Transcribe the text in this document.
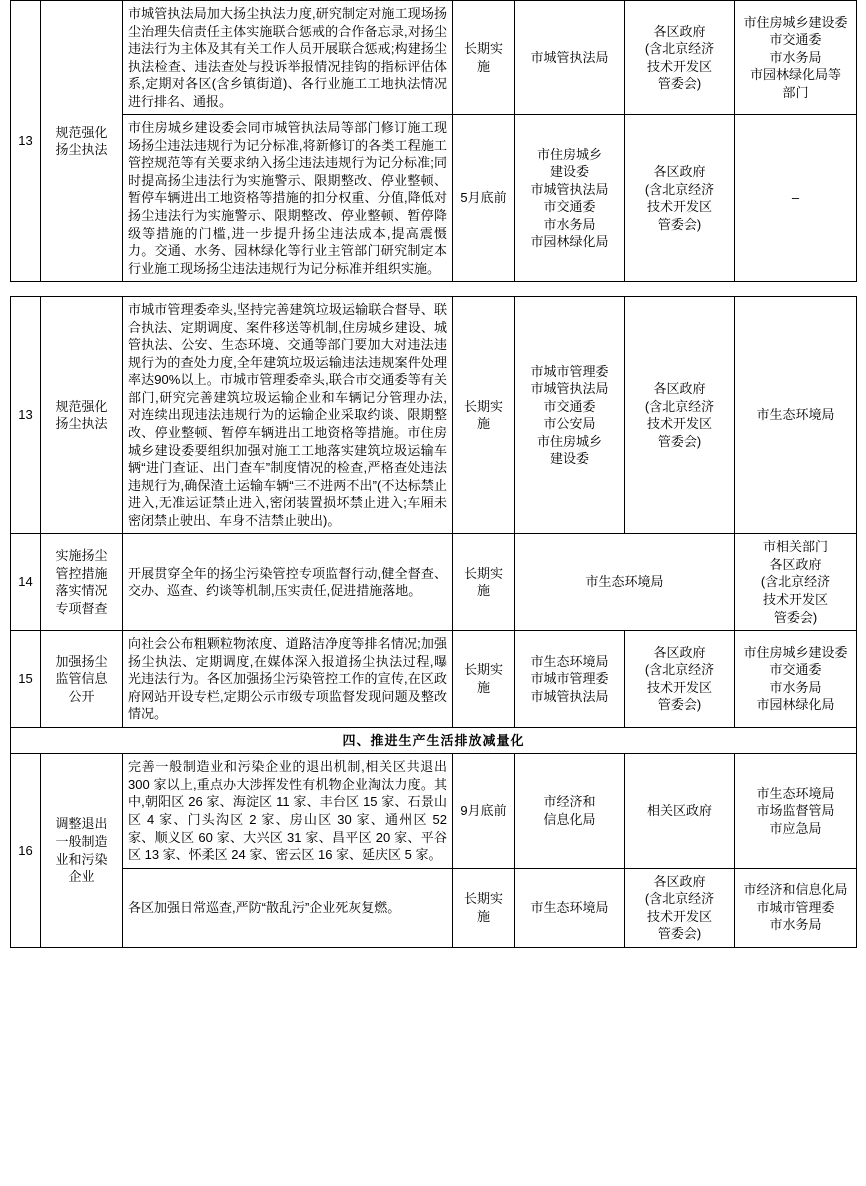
13	规范强化
扬尘执法	市城管执法局加大扬尘执法力度,研究制定对施工现场扬尘治理失信责任主体实施联合惩戒的合作备忘录,对扬尘违法行为主体及其有关工作人员开展联合惩戒;构建扬尘执法检查、违法查处与投诉举报情况挂钩的指标评估体系,定期对各区(含乡镇街道)、各行业施工工地执法情况进行排名、通报。	长期实施	市城管执法局	各区政府
(含北京经济
技术开发区
管委会)	市住房城乡建设委
市交通委
市水务局
市园林绿化局等
部门
市住房城乡建设委会同市城管执法局等部门修订施工现场扬尘违法违规行为记分标准,将新修订的各类工程施工管控规范等有关要求纳入扬尘违法违规行为记分标准;同时提高扬尘违法行为实施警示、限期整改、停业整顿、暂停车辆进出工地资格等措施的扣分权重、分值,降低对扬尘违法行为实施警示、限期整改、停业整顿、暂停降级等措施的门槛,进一步提升扬尘违法成本,提高震慑力。交通、水务、园林绿化等行业主管部门研究制定本行业施工现场扬尘违法违规行为记分标准并组织实施。	5月底前	市住房城乡
建设委
市城管执法局
市交通委
市水务局
市园林绿化局	各区政府
(含北京经济
技术开发区
管委会)	–
13	规范强化
扬尘执法	市城市管理委牵头,坚持完善建筑垃圾运输联合督导、联合执法、定期调度、案件移送等机制,住房城乡建设、城管执法、公安、生态环境、交通等部门要加大对违法违规行为的查处力度,全年建筑垃圾运输违法违规案件处理率达90%以上。市城市管理委牵头,联合市交通委等有关部门,研究完善建筑垃圾运输企业和车辆记分管理办法,对连续出现违法违规行为的运输企业采取约谈、限期整改、停业整顿、暂停车辆进出工地资格等措施。市住房城乡建设委要组织加强对施工工地落实建筑垃圾运输车辆“进门查证、出门查车”制度情况的检查,严格查处违法违规行为,确保渣土运输车辆“三不进两不出”(不达标禁止进入,无准运证禁止进入,密闭装置损坏禁止进入;车厢未密闭禁止驶出、车身不洁禁止驶出)。	长期实施	市城市管理委
市城管执法局
市交通委
市公安局
市住房城乡
建设委	各区政府
(含北京经济
技术开发区
管委会)	市生态环境局
14	实施扬尘
管控措施
落实情况
专项督查	开展贯穿全年的扬尘污染管控专项监督行动,健全督查、交办、巡查、约谈等机制,压实责任,促进措施落地。	长期实施	市生态环境局		市相关部门
各区政府
(含北京经济
技术开发区
管委会)
15	加强扬尘
监管信息
公开	向社会公布粗颗粒物浓度、道路洁净度等排名情况;加强扬尘执法、定期调度,在媒体深入报道扬尘执法过程,曝光违法行为。各区加强扬尘污染管控工作的宣传,在区政府网站开设专栏,定期公示市级专项监督发现问题及整改情况。	长期实施	市生态环境局
市城市管理委
市城管执法局	各区政府
(含北京经济
技术开发区
管委会)	市住房城乡建设委
市交通委
市水务局
市园林绿化局
四、推进生产生活排放减量化						
16	调整退出
一般制造
业和污染
企业	完善一般制造业和污染企业的退出机制,相关区共退出 300 家以上,重点办大涉挥发性有机物企业淘汰力度。其中,朝阳区 26 家、海淀区 11 家、丰台区 15 家、石景山区 4 家、门头沟区 2 家、房山区 30 家、通州区 52 家、顺义区 60 家、大兴区 31 家、昌平区 20 家、平谷区 13 家、怀柔区 24 家、密云区 16 家、延庆区 5 家。	9月底前	市经济和
信息化局	相关区政府	市生态环境局
市场监督管局
市应急局
		各区加强日常巡查,严防“散乱污”企业死灰复燃。	长期实施	市生态环境局	各区政府
(含北京经济
技术开发区
管委会)	市经济和信息化局
市城市管理委
市水务局
